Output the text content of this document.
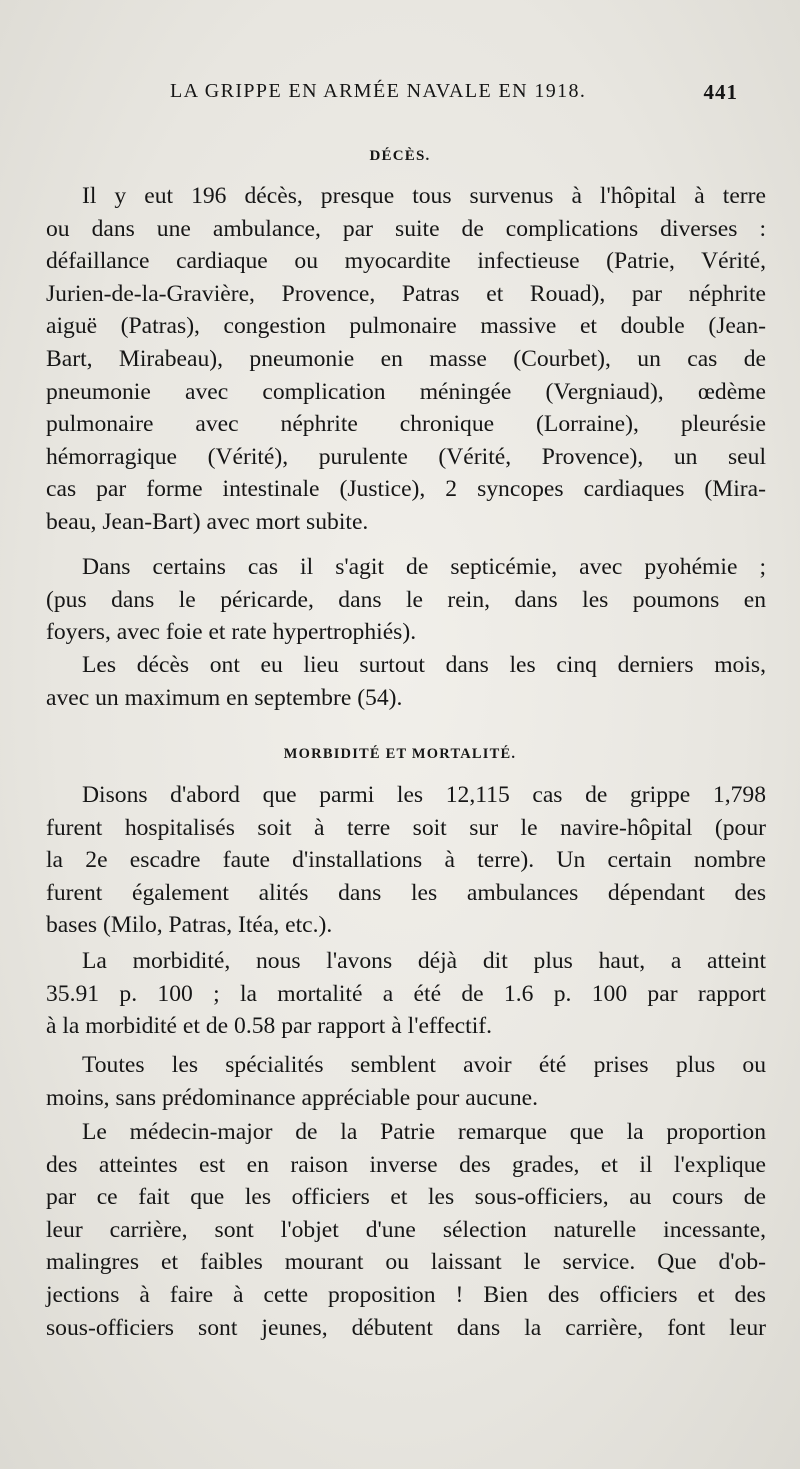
LA GRIPPE EN ARMÉE NAVALE EN 1918.	441
DÉCÈS.
Il y eut 196 décès, presque tous survenus à l'hôpital à terre
ou dans une ambulance, par suite de complications diverses :
défaillance cardiaque ou myocardite infectieuse (Patrie, Vérité,
Jurien-de-la-Gravière, Provence, Patras et Rouad), par néphrite
aiguë (Patras), congestion pulmonaire massive et double (Jean-
Bart, Mirabeau), pneumonie en masse (Courbet), un cas de
pneumonie avec complication méningée (Vergniaud), œdème
pulmonaire avec néphrite chronique (Lorraine), pleurésie
hémorragique (Vérité), purulente (Vérité, Provence), un seul
cas par forme intestinale (Justice), 2 syncopes cardiaques (Mira-
beau, Jean-Bart) avec mort subite.
Dans certains cas il s'agit de septicémie, avec pyohémie ;
(pus dans le péricarde, dans le rein, dans les poumons en
foyers, avec foie et rate hypertrophiés).
Les décès ont eu lieu surtout dans les cinq derniers mois,
avec un maximum en septembre (54).
MORBIDITÉ ET MORTALITÉ.
Disons d'abord que parmi les 12,115 cas de grippe 1,798
furent hospitalisés soit à terre soit sur le navire-hôpital (pour
la 2e escadre faute d'installations à terre). Un certain nombre
furent également alités dans les ambulances dépendant des
bases (Milo, Patras, Itéa, etc.).
La morbidité, nous l'avons déjà dit plus haut, a atteint
35.91 p. 100 ; la mortalité a été de 1.6 p. 100 par rapport
à la morbidité et de 0.58 par rapport à l'effectif.
Toutes les spécialités semblent avoir été prises plus ou
moins, sans prédominance appréciable pour aucune.
Le médecin-major de la Patrie remarque que la proportion
des atteintes est en raison inverse des grades, et il l'explique
par ce fait que les officiers et les sous-officiers, au cours de
leur carrière, sont l'objet d'une sélection naturelle incessante,
malingres et faibles mourant ou laissant le service. Que d'ob-
jections à faire à cette proposition ! Bien des officiers et des
sous-officiers sont jeunes, débutent dans la carrière, font leur
